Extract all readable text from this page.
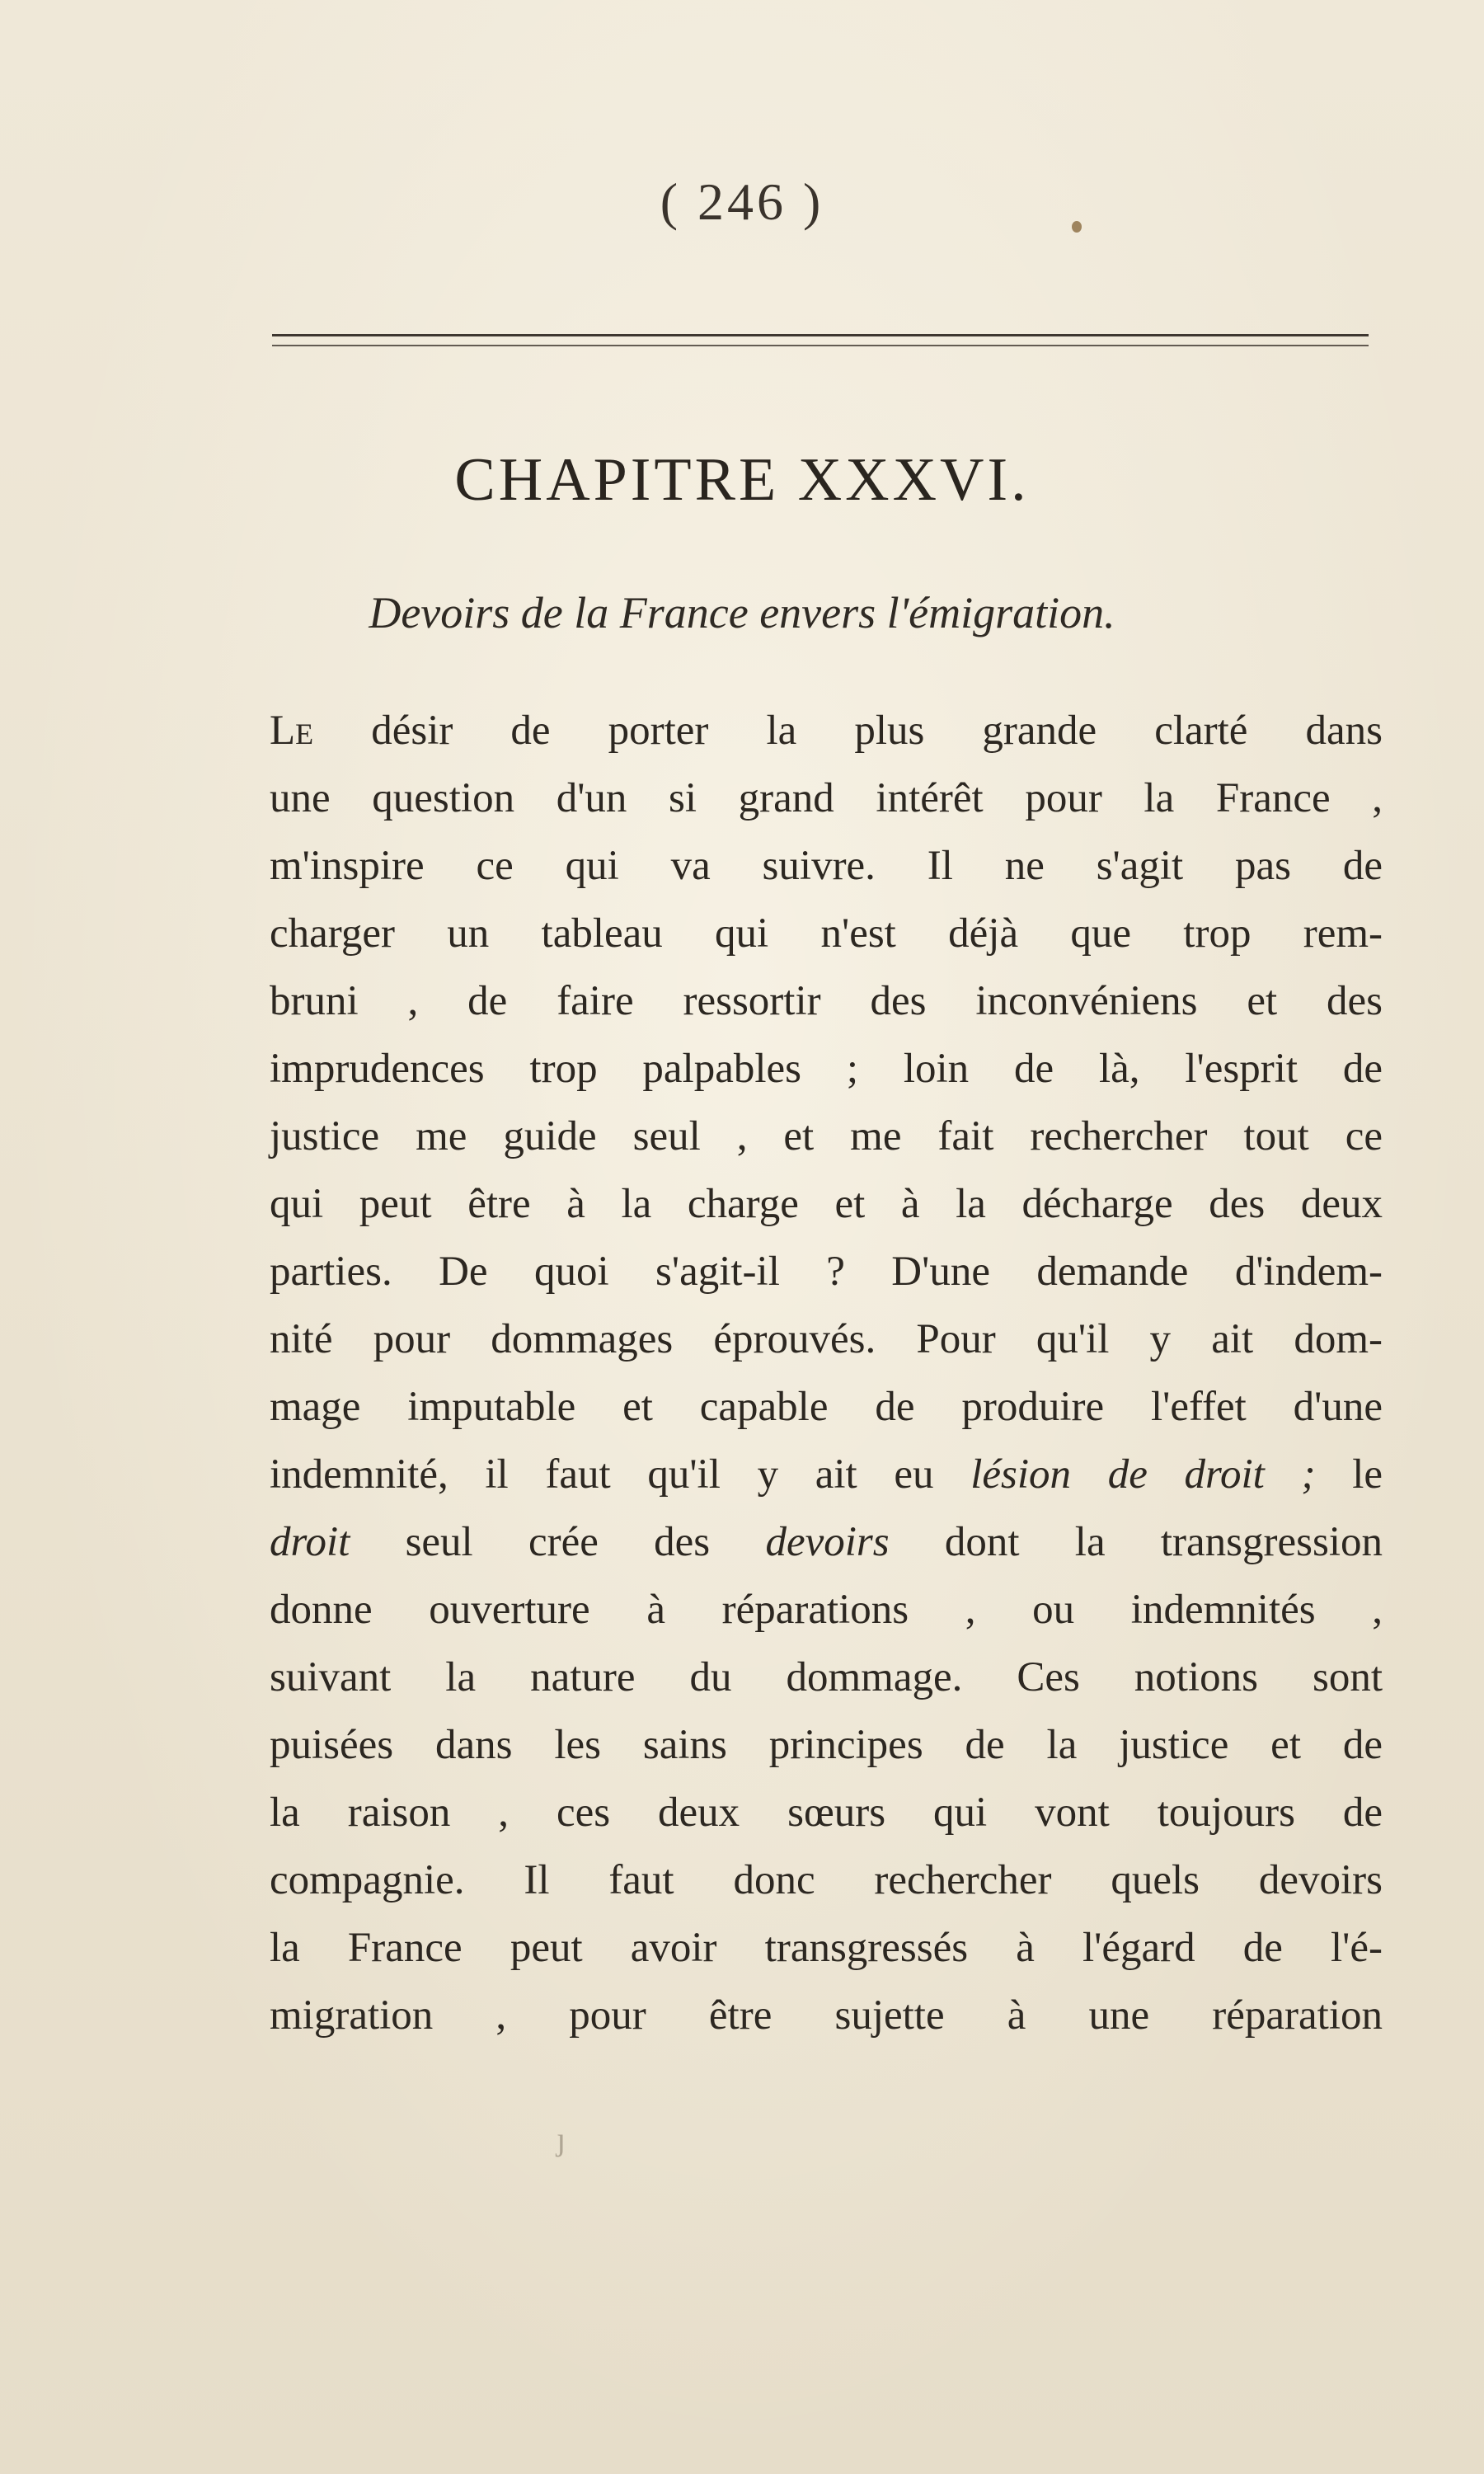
( 246 )
CHAPITRE XXXVI.
Devoirs de la France envers l'émigration.
Le désir de porter la plus grande clarté dans
une question d'un si grand intérêt pour la France ,
m'inspire ce qui va suivre. Il ne s'agit pas de
charger un tableau qui n'est déjà que trop rem-
bruni , de faire ressortir des inconvéniens et des
imprudences trop palpables ; loin de là, l'esprit de
justice me guide seul , et me fait rechercher tout ce
qui peut être à la charge et à la décharge des deux
parties. De quoi s'agit-il ? D'une demande d'indem-
nité pour dommages éprouvés. Pour qu'il y ait dom-
mage imputable et capable de produire l'effet d'une
indemnité, il faut qu'il y ait eu lésion de droit ; le
droit seul crée des devoirs dont la transgression
donne ouverture à réparations , ou indemnités ,
suivant la nature du dommage. Ces notions sont
puisées dans les sains principes de la justice et de
la raison , ces deux sœurs qui vont toujours de
compagnie. Il faut donc rechercher quels devoirs
la France peut avoir transgressés à l'égard de l'é-
migration , pour être sujette à une réparation
ȷ
